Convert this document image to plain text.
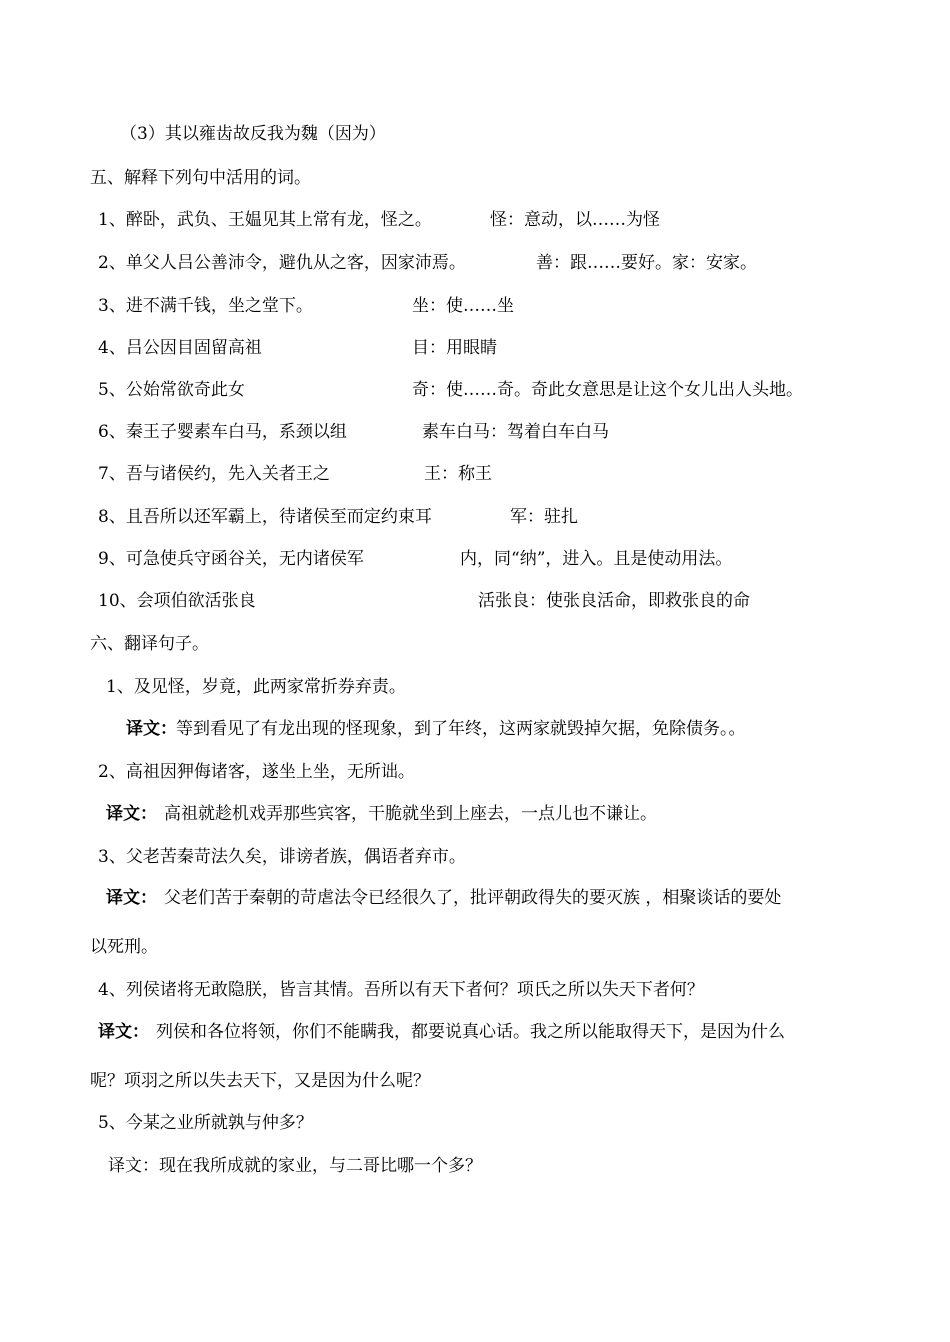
（3）其以雍齿故反我为魏（因为）
五、解释下列句中活用的词。
1、醉卧，武负、王媪见其上常有龙，怪之。	怪：意动，以……为怪
2、单父人吕公善沛令，避仇从之客，因家沛焉。	善：跟……要好。家：安家。
3、进不满千钱，坐之堂下。	坐：使……坐
4、吕公因目固留高祖	目：用眼睛
5、公始常欲奇此女	奇：使……奇。奇此女意思是让这个女儿出人头地。
6、秦王子婴素车白马，系颈以组	素车白马：驾着白车白马
7、吾与诸侯约，先入关者王之	王：称王
8、且吾所以还军霸上，待诸侯至而定约束耳	军：驻扎
9、可急使兵守函谷关，无内诸侯军	内，同“纳”，进入。且是使动用法。
10、会项伯欲活张良	活张良：使张良活命，即救张良的命
六、翻译句子。
1、及见怪，岁竟，此两家常折券弃责。
译文： 等到看见了有龙出现的怪现象，到了年终，这两家就毁掉欠据，免除债务。。
2、高祖因狎侮诸客，遂坐上坐，无所诎。
译文： 高祖就趁机戏弄那些宾客，干脆就坐到上座去，一点儿也不谦让。
3、父老苦秦苛法久矣，诽谤者族，偶语者弃市。
译文： 父老们苦于秦朝的苛虐法令已经很久了，批评朝政得失的要灭族 ，相聚谈话的要处
以死刑。
4、列侯诸将无敢隐朕，皆言其情。吾所以有天下者何？项氏之所以失天下者何？
译文： 列侯和各位将领，你们不能瞒我，都要说真心话。我之所以能取得天下，是因为什么
呢？项羽之所以失去天下，又是因为什么呢？
5、今某之业所就孰与仲多？
译文：现在我所成就的家业，与二哥比哪一个多？
